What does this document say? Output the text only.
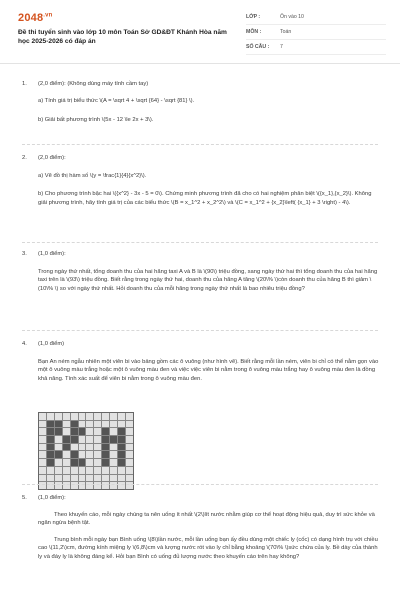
$2048^{.vn}$
Đề thi tuyển sinh vào lớp 10 môn Toán Sở GD&ĐT Khánh Hòa năm học 2025-2026 có đáp án
LỚP :	Ôn vào 10
MÔN :	Toán
SỐ CÂU :	7
1.	(2,0 điểm): (Không dùng máy tính cầm tay)

a) Tính giá trị biểu thức \(A = \sqrt 4 + \sqrt {64} - \sqrt {81} \).

b) Giải bất phương trình \(5x - 12 \le 2x + 3\).

2.	(2,0 điểm):

a) Vẽ đồ thị hàm số \(y = \frac{1}{4}{x^2}\).

b) Cho phương trình bậc hai \({x^2} - 3x - 5 = 0\). Chứng minh phương trình đã cho có hai nghiệm phân biệt \({x_1},{x_2}\). Không giải phương trình, hãy tính giá trị của các biểu thức \(B = x_1^2 + x_2^2\) và \(C = x_1^2 + {x_2}\left( {x_1} + 3 \right) - 4\).

3.	(1,0 điểm):

Trong ngày thứ nhất, tổng doanh thu của hai hãng taxi A và B là \(90\) triệu đồng, sang ngày thứ hai thì tổng doanh thu của hai hãng taxi trên là \(93\) triệu đồng. Biết rằng trong ngày thứ hai, doanh thu của hãng A tăng \(20\% \)còn doanh thu của hãng B thì giảm \(10\% \) so với ngày thứ nhất. Hỏi doanh thu của mỗi hãng trong ngày thứ nhất là bao nhiêu triệu đồng?

4.	(1,0 điểm)

Bạn An ném ngẫu nhiên một viên bi vào bảng gồm các ô vuông (như hình vẽ). Biết rằng mỗi lần ném, viên bi chỉ có thể nằm gọn vào một ô vuông màu trắng hoặc một ô vuông màu đen và việc việc viên bi nằm trong ô vuông màu trắng hay ô vuông màu đen là đồng khả năng. Tính xác suất để viên bi nằm trong ô vuông màu đen.

5.	(1,0 điểm):

Theo khuyến cáo, mỗi ngày chúng ta nên uống ít nhất \(2\)lít nước nhằm giúp cơ thể hoạt động hiệu quả, duy trì sức khỏe và ngăn ngừa bệnh tật.

Trung bình mỗi ngày bạn Bình uống \(8\)lần nước, mỗi lần uống bạn ấy đều dùng một chiếc ly (cốc) có dạng hình trụ với chiều cao \(11,2\)cm, đường kính miệng ly \(6,8\)cm và lượng nước rót vào ly chỉ bằng khoảng \(70\% \)sức chứa của ly. Bề dày của thành ly và đáy ly là không đáng kể. Hỏi bạn Bình có uống đủ lượng nước theo khuyến cáo trên hay không?
